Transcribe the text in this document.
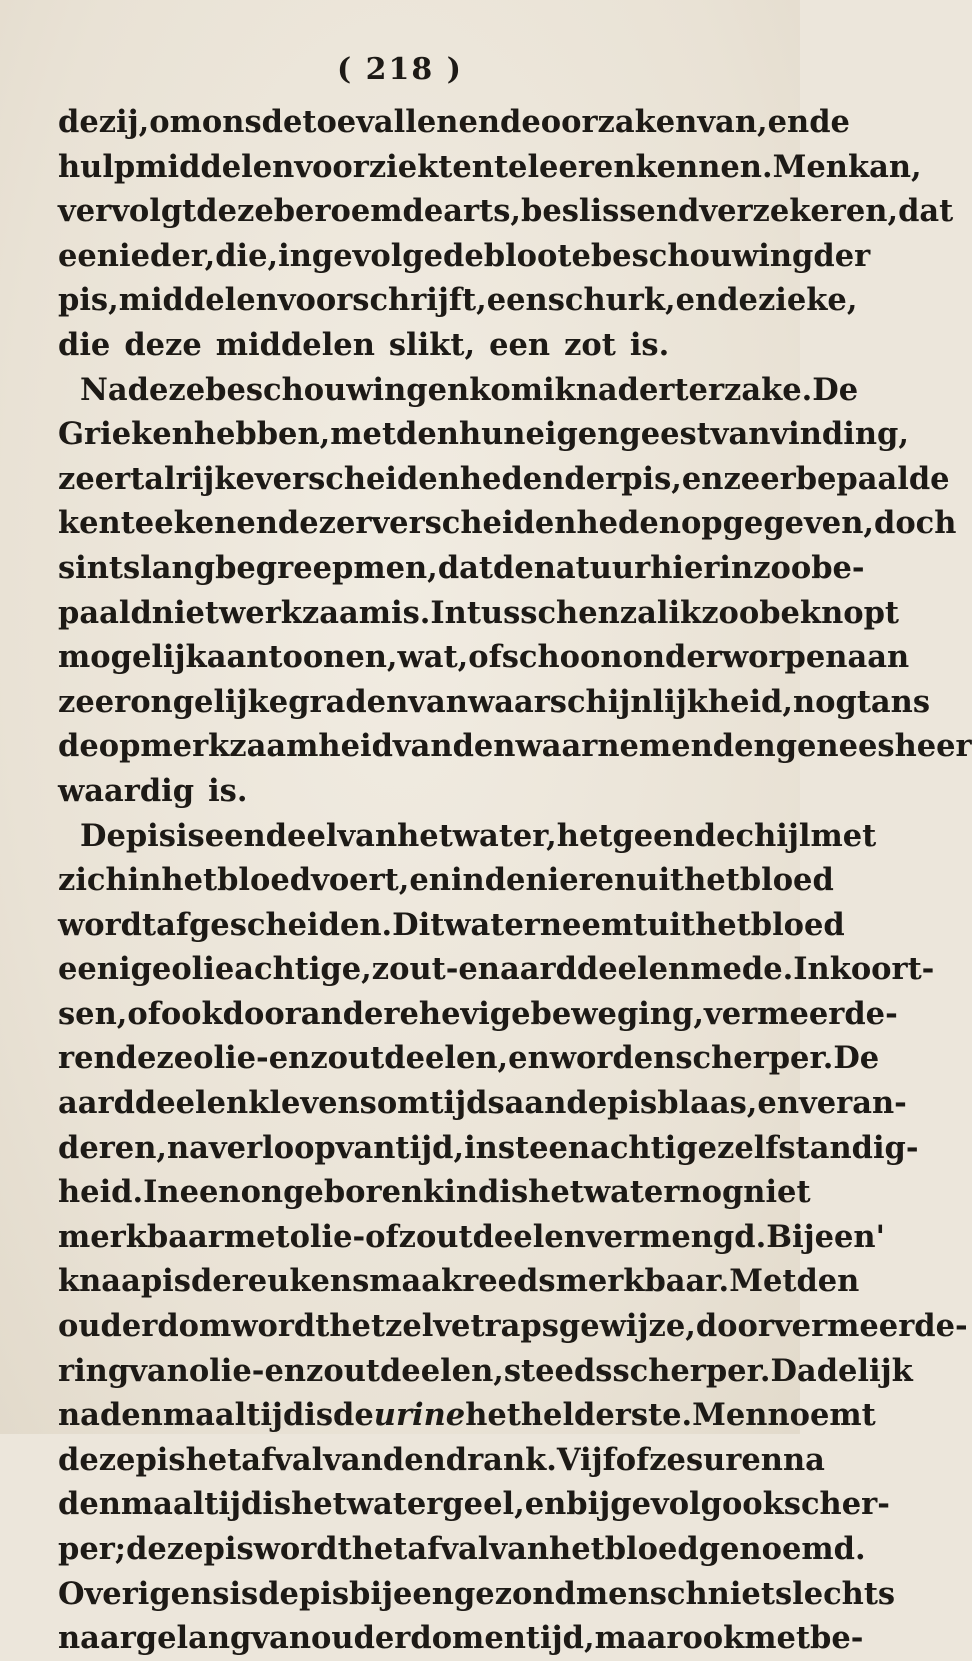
( 218 )
de zij, om ons de toevallen en de oorzaken van, en de
hulpmiddelen voor ziekten te leeren kennen. Men kan,
vervolgt deze beroemde arts, beslissend verzekeren, dat
een ieder, die, ingevolge de bloote beschouwing der
pis, middelen voorschrijft, een schurk, en de zieke,
die deze middelen slikt, een zot is.
Na deze beschouwingen kom ik nader ter zake. De
Grieken hebben, met den hun eigen geest van vinding,
zeer talrijke verscheidenheden der pis, en zeer bepaalde
kenteekenen dezer verscheidenheden opgegeven, doch
sints lang begreep men, dat de natuur hierin zoo be-
paald niet werkzaam is. Intusschen zal ik zoo beknopt
mogelijk aantoonen, wat, ofschoon onderworpen aan
zeer ongelijke graden van waarschijnlijkheid, nogtans
de opmerkzaamheid van den waarnemenden geneesheer
waardig is.
De pis is een deel van het water, hetgeen de chijl met
zich in het bloed voert, en in de nieren uit het bloed
wordt afgescheiden. Dit water neemt uit het bloed
eenige olieachtige, zout- en aarddeelen mede. In koort-
sen, of ook door andere hevige beweging, vermeerde-
ren deze olie- en zoutdeelen, en worden scherper. De
aarddeelen kleven somtijds aan de pisblaas, en veran-
deren, na verloop van tijd, in steenachtige zelfstandig-
heid. In een ongeboren kind is het water nog niet
merkbaar met olie- of zoutdeelen vermengd. Bij een'
knaap is de reuk en smaak reeds merkbaar. Met den
ouderdom wordt hetzelve trapsgewijze, door vermeerde-
ring van olie- en zoutdeelen, steeds scherper. Dadelijk
na den maaltijd is de urine het helderste. Men noemt
deze pis het afval van den drank. Vijf of zes uren na
den maaltijd is het water geel, en bijgevolg ook scher-
per; deze pis wordt het afval van het bloed genoemd.
Overigens is de pis bij een gezond mensch niet slechts
naar gelang van ouderdom en tijd, maar ook met be-
